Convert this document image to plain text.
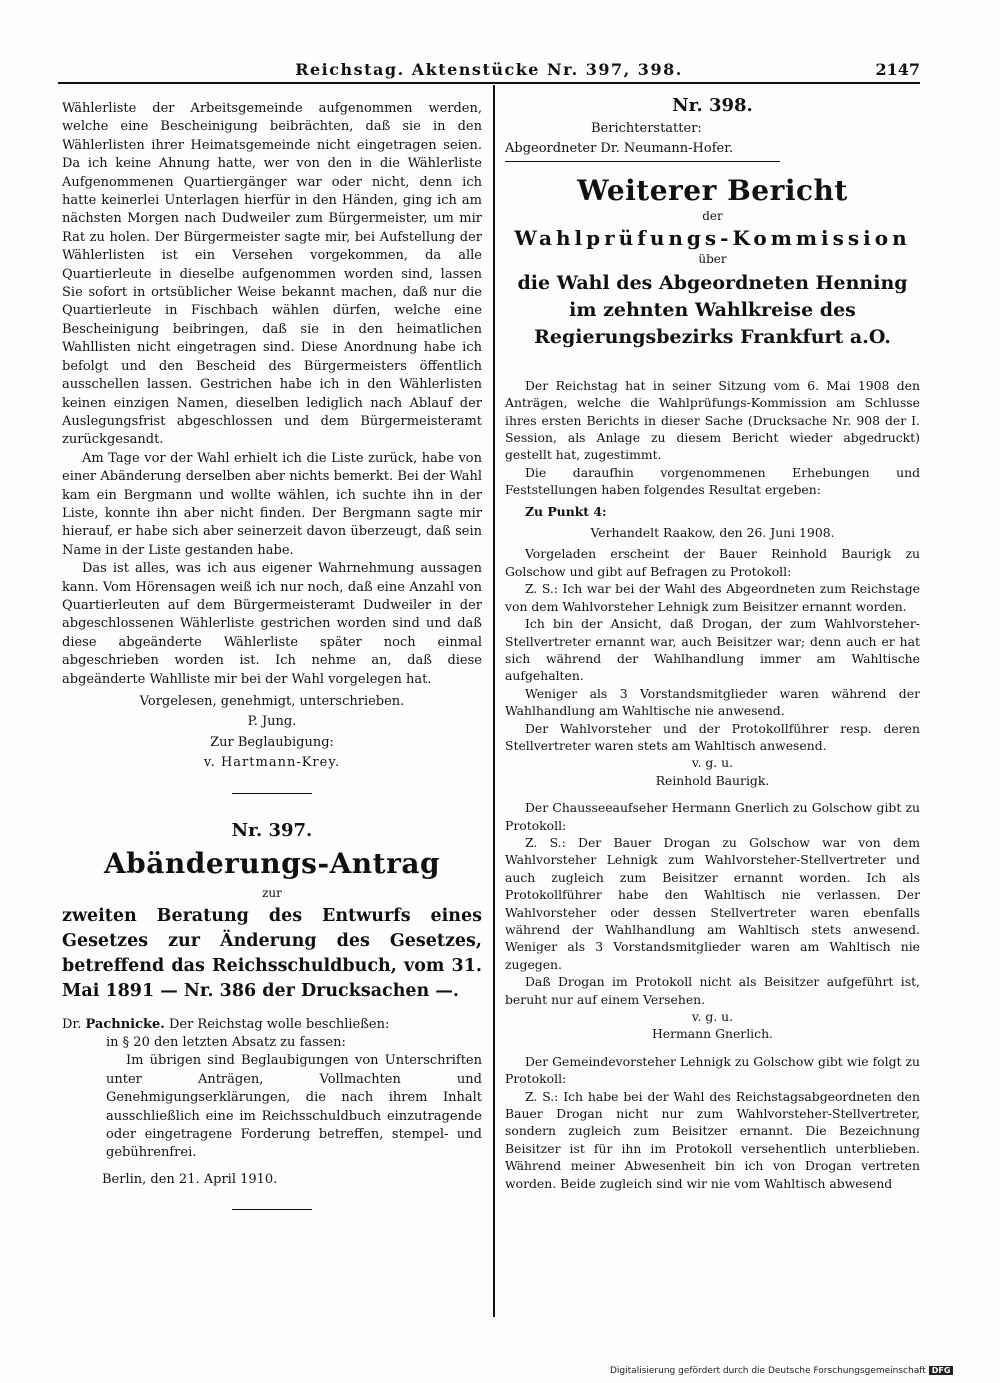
Reichstag. Aktenstücke Nr. 397, 398.	2147

Wählerliste der Arbeitsgemeinde aufgenommen werden, welche eine Bescheinigung beibrächten, daß sie in den Wählerlisten ihrer Heimatsgemeinde nicht eingetragen seien. Da ich keine Ahnung hatte, wer von den in die Wählerliste Aufgenommenen Quartiergänger war oder nicht, denn ich hatte keinerlei Unterlagen hierfür in den Händen, ging ich am nächsten Morgen nach Dudweiler zum Bürgermeister, um mir Rat zu holen. Der Bürgermeister sagte mir, bei Aufstellung der Wählerlisten ist ein Versehen vorgekommen, da alle Quartierleute in dieselbe aufgenommen worden sind, lassen Sie sofort in ortsüblicher Weise bekannt machen, daß nur die Quartierleute in Fischbach wählen dürfen, welche eine Bescheinigung beibringen, daß sie in den heimatlichen Wahllisten nicht eingetragen sind. Diese Anordnung habe ich befolgt und den Bescheid des Bürgermeisters öffentlich ausschellen lassen. Gestrichen habe ich in den Wählerlisten keinen einzigen Namen, dieselben lediglich nach Ablauf der Auslegungsfrist abgeschlossen und dem Bürgermeisteramt zurückgesandt.

Am Tage vor der Wahl erhielt ich die Liste zurück, habe von einer Abänderung derselben aber nichts bemerkt. Bei der Wahl kam ein Bergmann und wollte wählen, ich suchte ihn in der Liste, konnte ihn aber nicht finden. Der Bergmann sagte mir hierauf, er habe sich aber seinerzeit davon überzeugt, daß sein Name in der Liste gestanden habe.

Das ist alles, was ich aus eigener Wahrnehmung aussagen kann. Vom Hörensagen weiß ich nur noch, daß eine Anzahl von Quartierleuten auf dem Bürgermeisteramt Dudweiler in der abgeschlossenen Wählerliste gestrichen worden sind und daß diese abgeänderte Wählerliste später noch einmal abgeschrieben worden ist. Ich nehme an, daß diese abgeänderte Wahlliste mir bei der Wahl vorgelegen hat.

Vorgelesen, genehmigt, unterschrieben.

P. Jung.

Zur Beglaubigung:

v. Hartmann-Krey.

Nr. 397.

Abänderungs-Antrag

zur

zweiten Beratung des Entwurfs eines Gesetzes zur Änderung des Gesetzes, betreffend das Reichsschuldbuch, vom 31. Mai 1891 — Nr. 386 der Drucksachen —.

Dr. Pachnicke. Der Reichstag wolle beschließen:

in § 20 den letzten Absatz zu fassen:

Im übrigen sind Beglaubigungen von Unterschriften unter Anträgen, Vollmachten und Genehmigungserklärungen, die nach ihrem Inhalt ausschließlich eine im Reichsschuldbuch einzutragende oder eingetragene Forderung betreffen, stempel- und gebührenfrei.

Berlin, den 21. April 1910.

Nr. 398.

Berichterstatter:

Abgeordneter Dr. Neumann-Hofer.

Weiterer Bericht

der

Wahlprüfungs-Kommission

über

die Wahl des Abgeordneten Henning im zehnten Wahlkreise des Regierungsbezirks Frankfurt a.O.

Der Reichstag hat in seiner Sitzung vom 6. Mai 1908 den Anträgen, welche die Wahlprüfungs-Kommission am Schlusse ihres ersten Berichts in dieser Sache (Drucksache Nr. 908 der I. Session, als Anlage zu diesem Bericht wieder abgedruckt) gestellt hat, zugestimmt.

Die daraufhin vorgenommenen Erhebungen und Feststellungen haben folgendes Resultat ergeben:

Zu Punkt 4:

Verhandelt Raakow, den 26. Juni 1908.

Vorgeladen erscheint der Bauer Reinhold Baurigk zu Golschow und gibt auf Befragen zu Protokoll:

Z. S.: Ich war bei der Wahl des Abgeordneten zum Reichstage von dem Wahlvorsteher Lehnigk zum Beisitzer ernannt worden.

Ich bin der Ansicht, daß Drogan, der zum Wahlvorsteher-Stellvertreter ernannt war, auch Beisitzer war; denn auch er hat sich während der Wahlhandlung immer am Wahltische aufgehalten.

Weniger als 3 Vorstandsmitglieder waren während der Wahlhandlung am Wahltische nie anwesend.

Der Wahlvorsteher und der Protokollführer resp. deren Stellvertreter waren stets am Wahltisch anwesend.

v. g. u.

Reinhold Baurigk.

Der Chausseeaufseher Hermann Gnerlich zu Golschow gibt zu Protokoll:

Z. S.: Der Bauer Drogan zu Golschow war von dem Wahlvorsteher Lehnigk zum Wahlvorsteher-Stellvertreter und auch zugleich zum Beisitzer ernannt worden. Ich als Protokollführer habe den Wahltisch nie verlassen. Der Wahlvorsteher oder dessen Stellvertreter waren ebenfalls während der Wahlhandlung am Wahltisch stets anwesend. Weniger als 3 Vorstandsmitglieder waren am Wahltisch nie zugegen.

Daß Drogan im Protokoll nicht als Beisitzer aufgeführt ist, beruht nur auf einem Versehen.

v. g. u.

Hermann Gnerlich.

Der Gemeindevorsteher Lehnigk zu Golschow gibt wie folgt zu Protokoll:

Z. S.: Ich habe bei der Wahl des Reichstagsabgeordneten den Bauer Drogan nicht nur zum Wahlvorsteher-Stellvertreter, sondern zugleich zum Beisitzer ernannt. Die Bezeichnung Beisitzer ist für ihn im Protokoll versehentlich unterblieben. Während meiner Abwesenheit bin ich von Drogan vertreten worden. Beide zugleich sind wir nie vom Wahltisch abwesend

Digitalisierung gefördert durch die Deutsche Forschungsgemeinschaft DFG
